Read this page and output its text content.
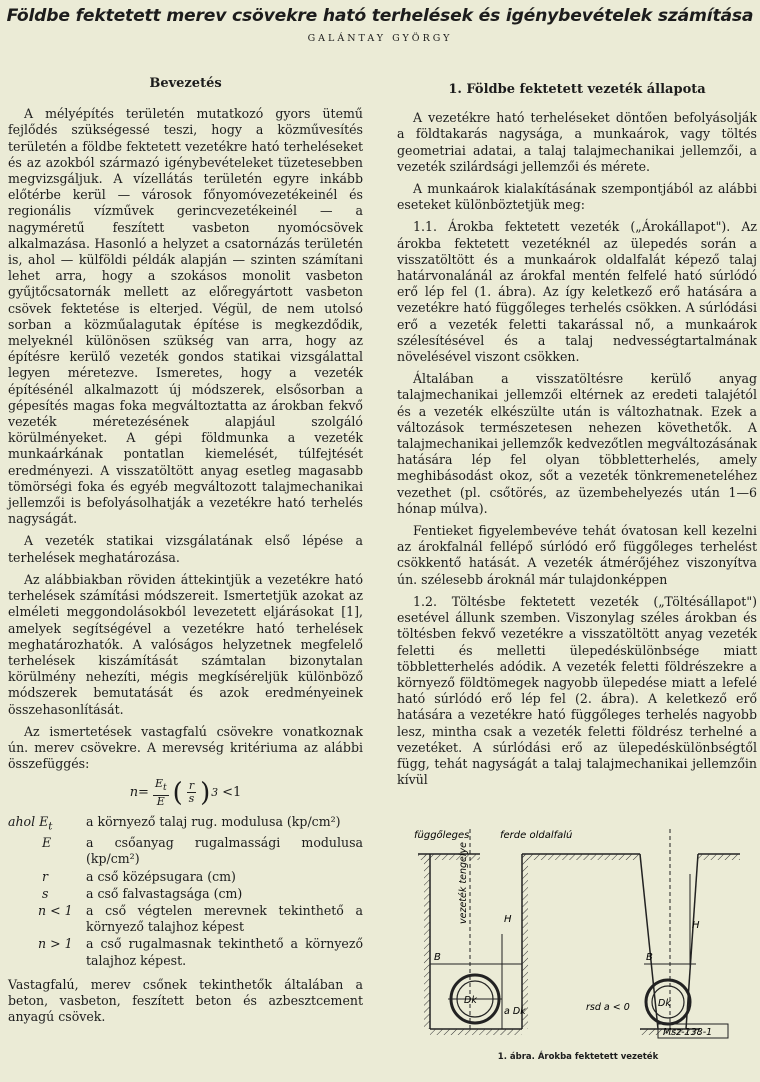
Földbe fektetett merev csövekre ható terhelések és igénybevételek számítása
GALÁNTAY GYÖRGY
Bevezetés

A mélyépítés területén mutatkozó gyors ütemű fejlődés szükségessé teszi, hogy a közművesítés területén a földbe fektetett vezetékre ható terheléseket és az azokból származó igénybevételeket tüzetesebben megvizsgáljuk. A vízellátás területén egyre inkább előtérbe kerül — városok főnyomóvezetékeinél és regionális vízművek gerincvezetékeinél — a nagyméretű feszített vasbeton nyomócsövek alkalmazása. Hasonló a helyzet a csatornázás területén is, ahol — külföldi példák alapján — szinten számítani lehet arra, hogy a szokásos monolit vasbeton gyűjtőcsatornák mellett az előregyártott vasbeton csövek fektetése is elterjed. Végül, de nem utolsó sorban a közműalagutak építése is megkezdődik, melyeknél különösen szükség van arra, hogy az építésre kerülő vezeték gondos statikai vizsgálattal legyen méretezve. Ismeretes, hogy a vezeték építésénél alkalmazott új módszerek, elsősorban a gépesítés magas foka megváltoztatta az árokban fekvő vezeték méretezésének alapjául szolgáló körülményeket. A gépi földmunka a vezeték munkaárkának pontatlan kiemelését, túlfejtését eredményezi. A visszatöltött anyag esetleg magasabb tömörségi foka és egyéb megváltozott talajmechanikai jellemzői is befolyásolhatják a vezetékre ható terhelés nagyságát.

A vezeték statikai vizsgálatának első lépése a terhelések meghatározása.

Az alábbiakban röviden áttekintjük a vezetékre ható terhelések számítási módszereit. Ismertetjük azokat az elméleti meggondolásokból levezetett eljárásokat [1], amelyek segítségével a vezetékre ható terhelések meghatározhatók. A valóságos helyzetnek megfelelő terhelések kiszámítását számtalan bizonytalan körülmény nehezíti, mégis megkíséreljük különböző módszerek bemutatását és azok eredményeinek összehasonlítását.

Az ismertetések vastagfalú csövekre vonatkoznak ún. merev csövekre. A merevség kritériuma az alábbi összefüggés:

$n= \frac{E_t}{E}$ ( $\frac{r}{s}$ ) 3 <1
ahol $E_t$	a környező talaj rug. modulusa (kp/cm²)
E	a csőanyag rugalmassági modulusa (kp/cm²)
r	a cső középsugara (cm)
s	a cső falvastagsága (cm)
n < 1	a cső végtelen merevnek tekinthető a környező talajhoz képest
n > 1	a cső rugalmasnak tekinthető a környező talajhoz képest.

Vastagfalú, merev csőnek tekinthetők általában a beton, vasbeton, feszített beton és azbesztcement anyagú csövek.

1. Földbe fektetett vezeték állapota

A vezetékre ható terheléseket döntően befolyásolják a földtakarás nagysága, a munkaárok, vagy töltés geometriai adatai, a talaj talajmechanikai jellemzői, a vezeték szilárdsági jellemzői és mérete.

A munkaárok kialakításának szempontjából az alábbi eseteket különböztetjük meg:

1.1. Árokba fektetett vezeték („Árokállapot"). Az árokba fektetett vezetéknél az ülepedés során a visszatöltött és a munkaárok oldalfalát képező talaj határvonalánál az árokfal mentén felfelé ható súrlódó erő lép fel (1. ábra). Az így keletkező erő hatására a vezetékre ható függőleges terhelés csökken. A súrlódási erő a vezeték feletti takarással nő, a munkaárok szélesítésével és a talaj nedvességtartalmának növelésével viszont csökken.

Általában a visszatöltésre kerülő anyag talajmechanikai jellemzői eltérnek az eredeti talajétól és a vezeték elkészülte után is változhatnak. Ezek a változások természetesen nehezen követhetők. A talajmechanikai jellemzők kedvezőtlen megváltozásának hatására lép fel olyan többletterhelés, amely meghibásodást okoz, sőt a vezeték tönkremeneteléhez vezethet (pl. csőtörés, az üzembehelyezés után 1—6 hónap múlva).

Fentieket figyelembevéve tehát óvatosan kell kezelni az árokfalnál fellépő súrlódó erő függőleges terhelést csökkentő hatását. A vezeték átmérőjéhez viszonyítva ún. szélesebb ároknál már tulajdonképpen

1.2. Töltésbe fektetett vezeték („Töltésállapot") esetével állunk szemben. Viszonylag széles árokban és töltésben fekvő vezetékre a visszatöltött anyag vezeték feletti és melletti ülepedéskülönbsége miatt többletterhelés adódik. A vezeték feletti földrészekre a környező földtömegek nagyobb ülepedése miatt a lefelé ható súrlódó erő lép fel (2. ábra). A keletkező erő hatására a vezetékre ható függőleges terhelés nagyobb lesz, mintha csak a vezeték feletti földrész terhelné a vezetéket. A súrlódási erő az ülepedéskülönbségtől függ, tehát nagyságát a talaj talajmechanikai jellemzőin kívül

függőleges	ferde oldalfalú
vezeték tengelye	H
B
Dk
a Dk
H
B
Dk
rsd a < 0
Msz-138-1
1. ábra. Árokba fektetett vezeték
